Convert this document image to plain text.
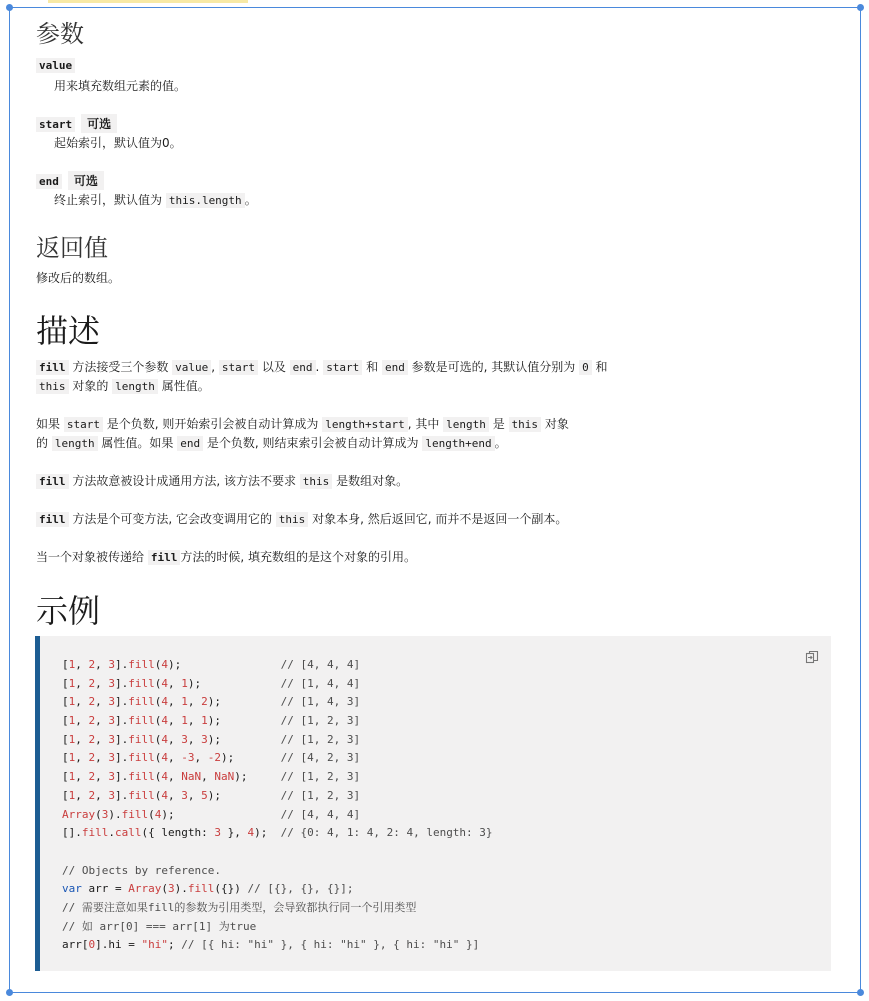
参数
value
用来填充数组元素的值。
start 可选
起始索引，默认值为0。
end 可选
终止索引，默认值为 this.length 。
返回值
修改后的数组。
描述
fill 方法接受三个参数 value , start 以及 end . start 和 end 参数是可选的, 其默认值分别为 0 和
this 对象的 length 属性值。
如果 start 是个负数, 则开始索引会被自动计算成为 length+start , 其中 length 是 this 对象
的 length 属性值。如果 end 是个负数, 则结束索引会被自动计算成为 length+end 。
fill 方法故意被设计成通用方法, 该方法不要求 this 是数组对象。
fill 方法是个可变方法, 它会改变调用它的 this 对象本身, 然后返回它, 而并不是返回一个副本。
当一个对象被传递给 fill 方法的时候, 填充数组的是这个对象的引用。
示例
[1, 2, 3].fill(4);               // [4, 4, 4]
[1, 2, 3].fill(4, 1);            // [1, 4, 4]
[1, 2, 3].fill(4, 1, 2);         // [1, 4, 3]
[1, 2, 3].fill(4, 1, 1);         // [1, 2, 3]
[1, 2, 3].fill(4, 3, 3);         // [1, 2, 3]
[1, 2, 3].fill(4, -3, -2);       // [4, 2, 3]
[1, 2, 3].fill(4, NaN, NaN);     // [1, 2, 3]
[1, 2, 3].fill(4, 3, 5);         // [1, 2, 3]
Array(3).fill(4);                // [4, 4, 4]
[].fill.call({ length: 3 }, 4);  // {0: 4, 1: 4, 2: 4, length: 3}

// Objects by reference.
var arr = Array(3).fill({}) // [{}, {}, {}];
// 需要注意如果fill的参数为引用类型，会导致都执行同一个引用类型
// 如 arr[0] === arr[1] 为true
arr[0].hi = "hi"; // [{ hi: "hi" }, { hi: "hi" }, { hi: "hi" }]
